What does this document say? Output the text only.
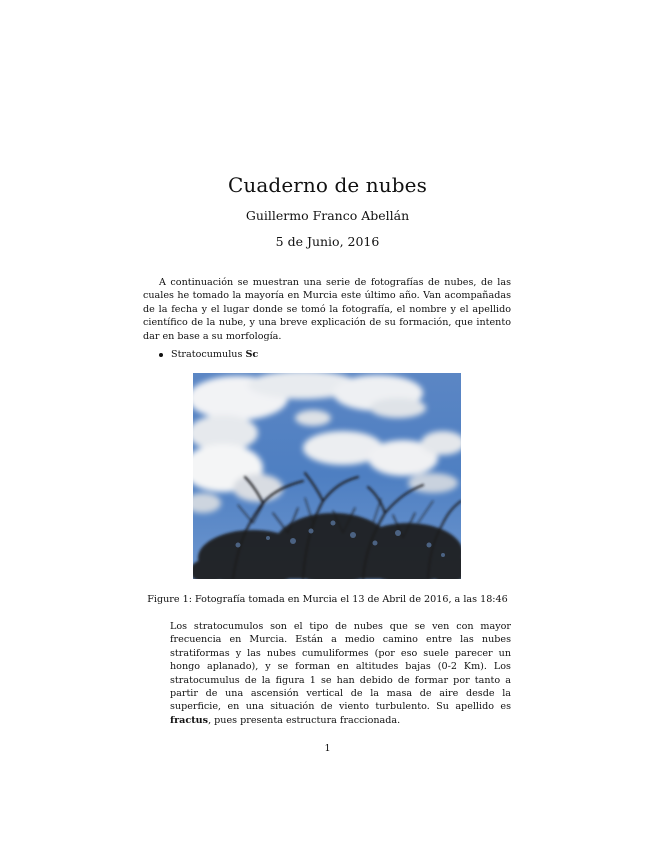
Cuaderno de nubes
Guillermo Franco Abellán
5 de Junio, 2016

A continuación se muestran una serie de fotografías de nubes, de las cuales he tomado la mayoría en Murcia este último año. Van acompañadas de la fecha y el lugar donde se tomó la fotografía, el nombre y el apellido científico de la nube, y una breve explicación de su formación, que intento dar en base a su morfología.

Stratocumulus Sc
Figure 1: Fotografía tomada en Murcia el 13 de Abril de 2016, a las 18:46

Los stratocumulos son el tipo de nubes que se ven con mayor frecuencia en Murcia. Están a medio camino entre las nubes stratiformas y las nubes cumuliformes (por eso suele parecer un hongo aplanado), y se forman en altitudes bajas (0-2 Km). Los stratocumulus de la figura 1 se han debido de formar por tanto a partir de una ascensión vertical de la masa de aire desde la superficie, en una situación de viento turbulento. Su apellido es fractus, pues presenta estructura fraccionada.

1
